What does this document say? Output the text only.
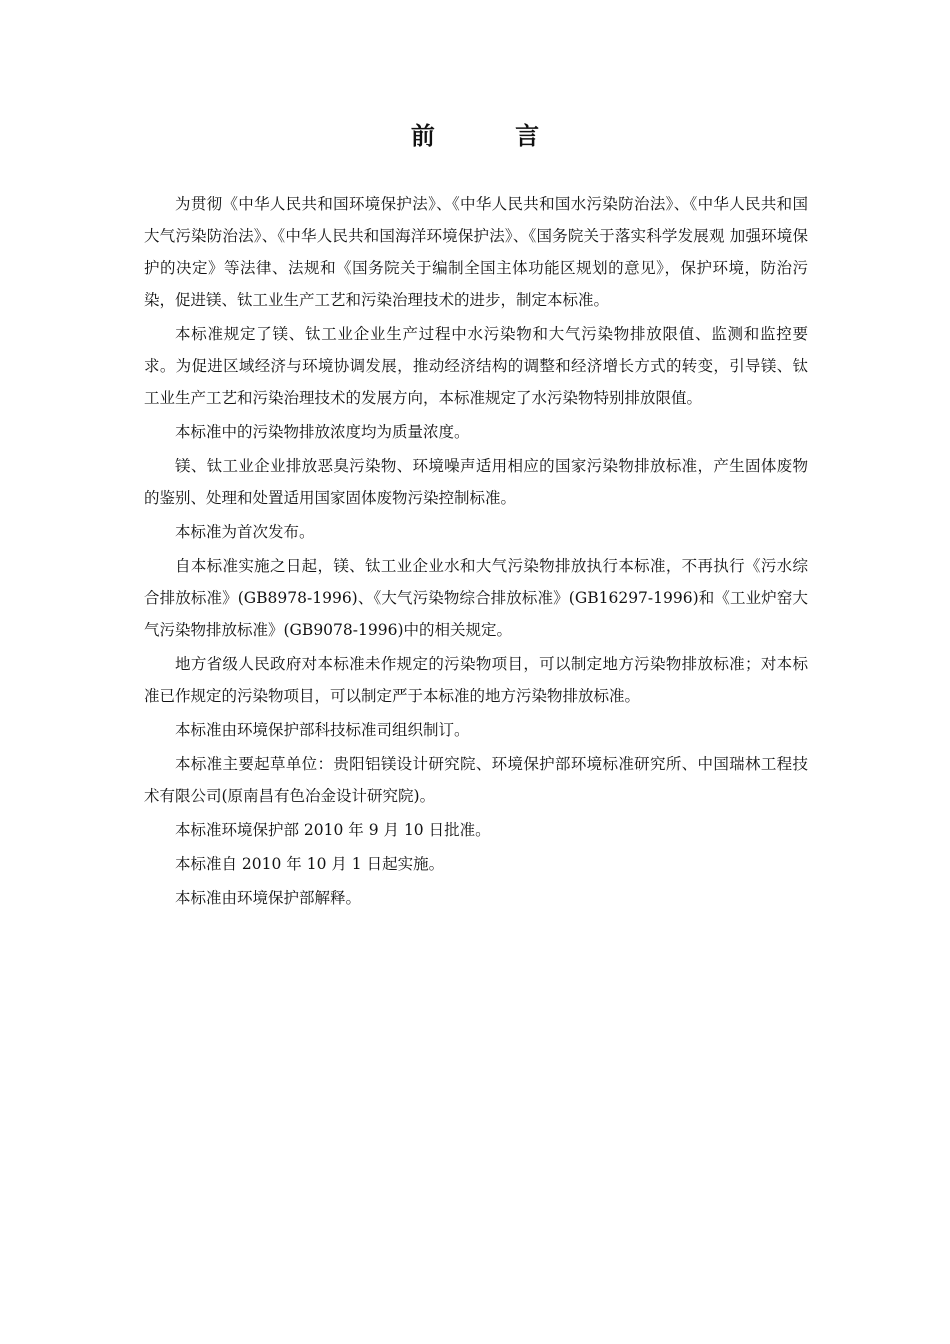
前 言

为贯彻《中华人民共和国环境保护法》、《中华人民共和国水污染防治法》、《中华人民共和国大气污染防治法》、《中华人民共和国海洋环境保护法》、《国务院关于落实科学发展观 加强环境保护的决定》等法律、法规和《国务院关于编制全国主体功能区规划的意见》，保护环境，防治污染，促进镁、钛工业生产工艺和污染治理技术的进步，制定本标准。

本标准规定了镁、钛工业企业生产过程中水污染物和大气污染物排放限值、监测和监控要求。为促进区域经济与环境协调发展，推动经济结构的调整和经济增长方式的转变，引导镁、钛工业生产工艺和污染治理技术的发展方向，本标准规定了水污染物特别排放限值。

本标准中的污染物排放浓度均为质量浓度。

镁、钛工业企业排放恶臭污染物、环境噪声适用相应的国家污染物排放标准，产生固体废物的鉴别、处理和处置适用国家固体废物污染控制标准。

本标准为首次发布。

自本标准实施之日起，镁、钛工业企业水和大气污染物排放执行本标准，不再执行《污水综合排放标准》(GB8978-1996)、《大气污染物综合排放标准》(GB16297-1996)和《工业炉窑大气污染物排放标准》(GB9078-1996)中的相关规定。

地方省级人民政府对本标准未作规定的污染物项目，可以制定地方污染物排放标准；对本标准已作规定的污染物项目，可以制定严于本标准的地方污染物排放标准。

本标准由环境保护部科技标准司组织制订。

本标准主要起草单位：贵阳铝镁设计研究院、环境保护部环境标准研究所、中国瑞林工程技术有限公司(原南昌有色冶金设计研究院)。

本标准环境保护部 2010 年 9 月 10 日批准。

本标准自 2010 年 10 月 1 日起实施。

本标准由环境保护部解释。
